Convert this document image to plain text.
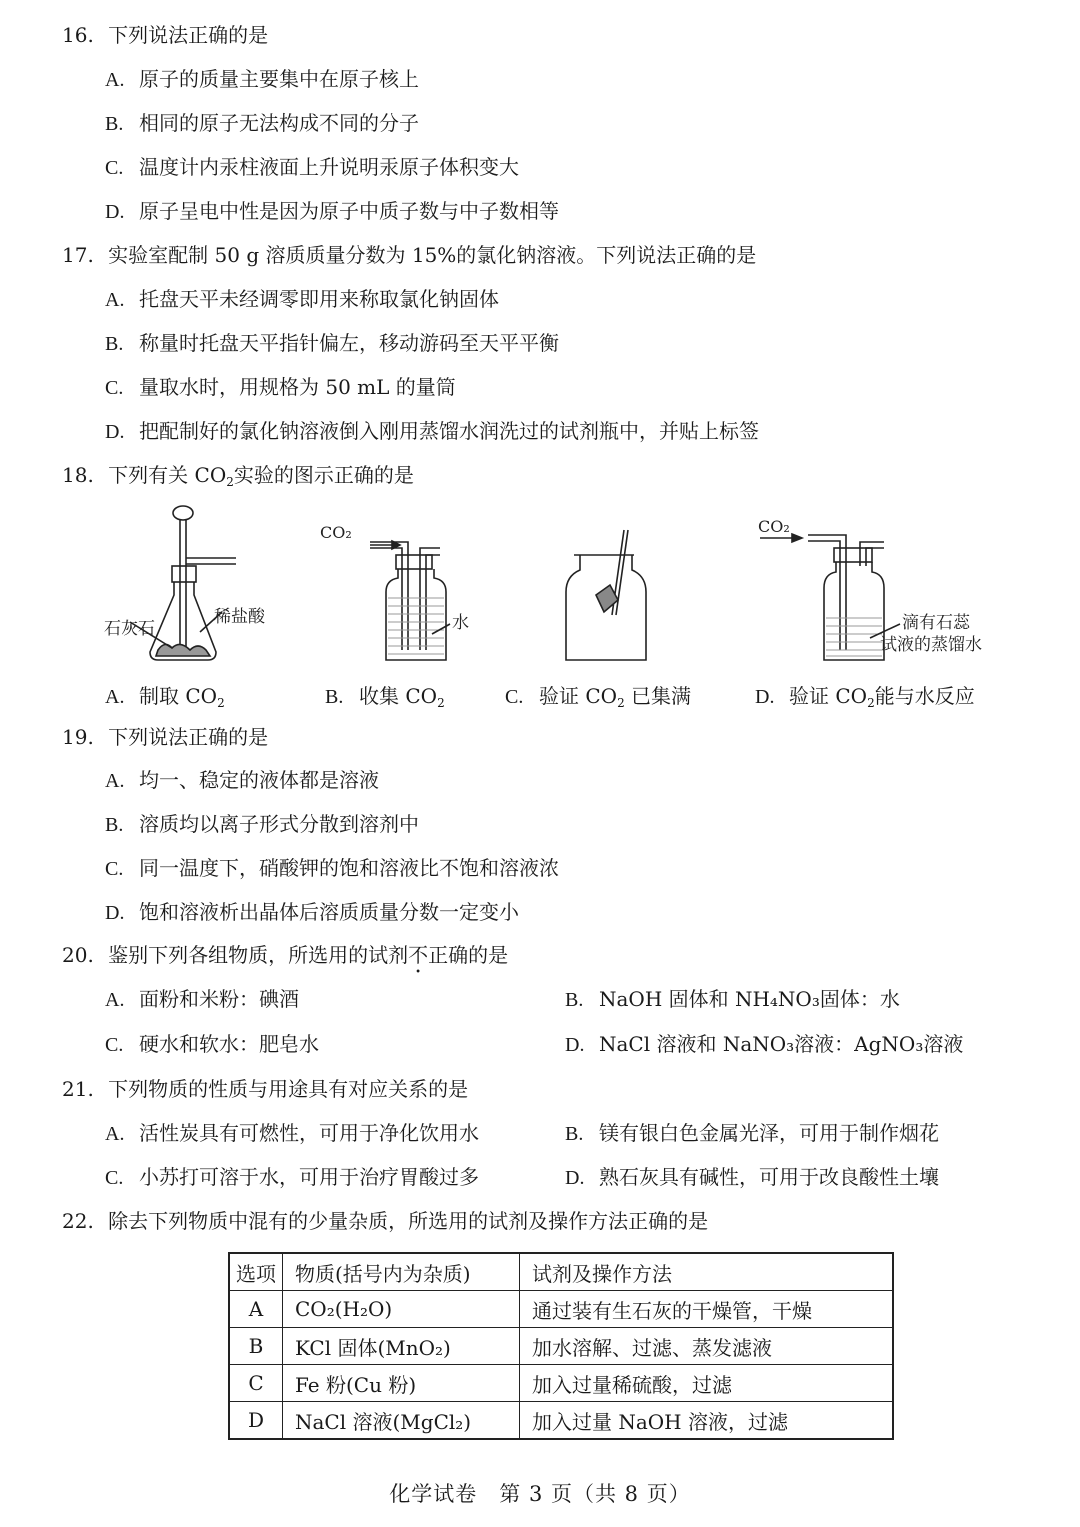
16. 下列说法正确的是
A. 原子的质量主要集中在原子核上
B. 相同的原子无法构成不同的分子
C. 温度计内汞柱液面上升说明汞原子体积变大
D. 原子呈电中性是因为原子中质子数与中子数相等
17. 实验室配制 50 g 溶质质量分数为 15%的氯化钠溶液。下列说法正确的是
A. 托盘天平未经调零即用来称取氯化钠固体
B. 称量时托盘天平指针偏左，移动游码至天平平衡
C. 量取水时，用规格为 50 mL 的量筒
D. 把配制好的氯化钠溶液倒入刚用蒸馏水润洗过的试剂瓶中，并贴上标签
18. 下列有关 $CO_2$实验的图示正确的是
石灰石
稀盐酸
CO₂
水
CO₂
滴有石蕊
试液的蒸馏水
A. 制取 $CO_2$	B. 收集 $CO_2$	C. 验证 $CO_2$ 已集满	D. 验证 $CO_2$能与水反应
19. 下列说法正确的是
A. 均一、稳定的液体都是溶液
B. 溶质均以离子形式分散到溶剂中
C. 同一温度下，硝酸钾的饱和溶液比不饱和溶液浓
D. 饱和溶液析出晶体后溶质质量分数一定变小
20. 鉴别下列各组物质，所选用的试剂不正确的是
A. 面粉和米粉：碘酒	B. NaOH 固体和 NH₄NO₃固体：水
C. 硬水和软水：肥皂水	D. NaCl 溶液和 NaNO₃溶液：AgNO₃溶液
21. 下列物质的性质与用途具有对应关系的是
A. 活性炭具有可燃性，可用于净化饮用水	B. 镁有银白色金属光泽，可用于制作烟花
C. 小苏打可溶于水，可用于治疗胃酸过多	D. 熟石灰具有碱性，可用于改良酸性土壤
22. 除去下列物质中混有的少量杂质，所选用的试剂及操作方法正确的是
选项	物质(括号内为杂质)	试剂及操作方法
A	CO₂(H₂O)	通过装有生石灰的干燥管，干燥
B	KCl 固体(MnO₂)	加水溶解、过滤、蒸发滤液
C	Fe 粉(Cu 粉)	加入过量稀硫酸，过滤
D	NaCl 溶液(MgCl₂)	加入过量 NaOH 溶液，过滤
化学试卷　第 3 页（共 8 页）
